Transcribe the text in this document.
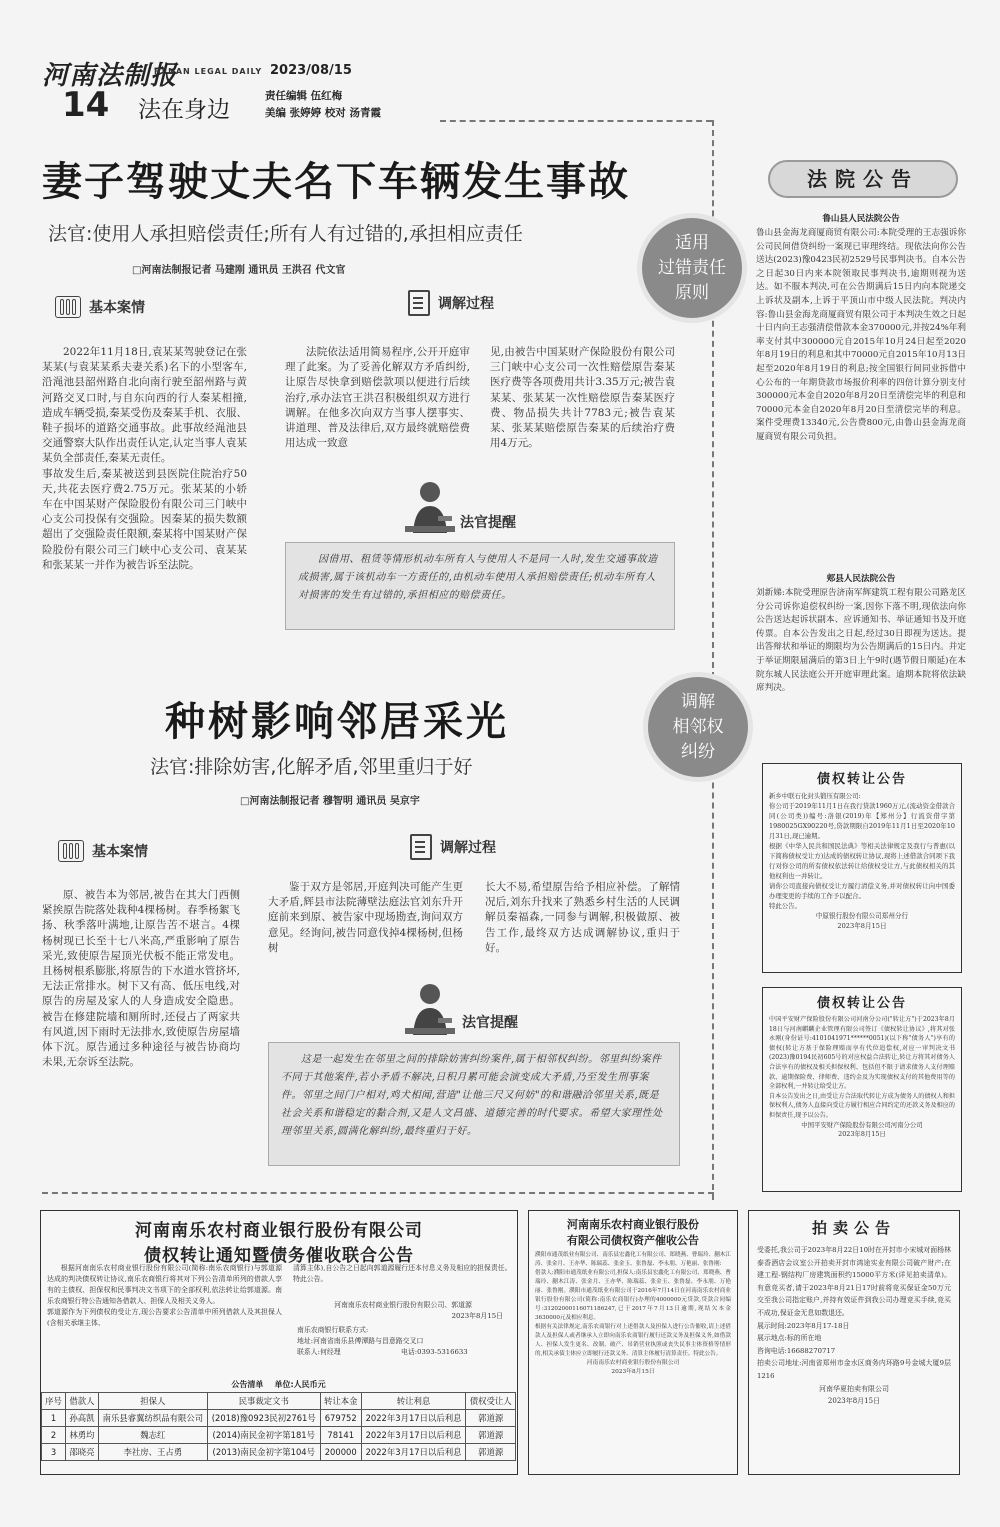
河南法制报
HENAN LEGAL DAILY 2023/08/15
14 法在身边
责任编辑 伍红梅
美编 张婷婷 校对 汤青霞
妻子驾驶丈夫名下车辆发生事故
法官:使用人承担赔偿责任;所有人有过错的,承担相应责任
□河南法制报记者 马建刚 通讯员 王洪召 代文官
适用
过错责任
原则
基本案情
2022年11月18日,袁某某驾驶登记在张某某(与袁某某系夫妻关系)名下的小型客车,沿渑池县韶州路自北向南行驶至韶州路与黄河路交叉口时,与自东向西的行人秦某相撞,造成车辆受损,秦某受伤及秦某手机、衣服、鞋子损坏的道路交通事故。此事故经渑池县交通警察大队作出责任认定,认定当事人袁某某负全部责任,秦某无责任。
事故发生后,秦某被送到县医院住院治疗50天,共花去医疗费2.75万元。张某某的小轿车在中国某财产保险股份有限公司三门峡中心支公司投保有交强险。因秦某的损失数额超出了交强险责任限额,秦某将中国某财产保险股份有限公司三门峡中心支公司、袁某某和张某某一并作为被告诉至法院。
调解过程
法院依法适用简易程序,公开开庭审理了此案。为了妥善化解双方矛盾纠纷,让原告尽快拿到赔偿款项以便进行后续治疗,承办法官王洪召积极组织双方进行调解。在他多次向双方当事人摆事实、讲道理、普及法律后,双方最终就赔偿费用达成一致意
见,由被告中国某财产保险股份有限公司三门峡中心支公司一次性赔偿原告秦某医疗费等各项费用共计3.35万元;被告袁某某、张某某一次性赔偿原告秦某医疗费、物品损失共计7783元;被告袁某某、张某某赔偿原告秦某的后续治疗费用4万元。
法官提醒
因借用、租赁等情形机动车所有人与使用人不是同一人时,发生交通事故造成损害,属于该机动车一方责任的,由机动车使用人承担赔偿责任;机动车所有人对损害的发生有过错的,承担相应的赔偿责任。
种树影响邻居采光
法官:排除妨害,化解矛盾,邻里重归于好
□河南法制报记者 穆智明 通讯员 吴京宇
调解
相邻权
纠纷
基本案情
原、被告本为邻居,被告在其大门西侧紧挨原告院落处栽种4棵杨树。春季杨絮飞扬、秋季落叶满地,让原告苦不堪言。4棵杨树现已长至十七八米高,严重影响了原告采光,致使原告屋顶光伏板不能正常发电。且杨树根系膨胀,将原告的下水道水管挤坏,无法正常排水。树下又有高、低压电线,对原告的房屋及家人的人身造成安全隐患。被告在修建院墙和厕所时,还侵占了两家共有风道,因下雨时无法排水,致使原告房屋墙体下沉。原告通过多种途径与被告协商均未果,无奈诉至法院。
调解过程
鉴于双方是邻居,开庭判决可能产生更大矛盾,辉县市法院薄壁法庭法官刘东升开庭前来到原、被告家中现场勘查,询问双方意见。经询问,被告同意伐掉4棵杨树,但杨树
长大不易,希望原告给予相应补偿。了解情况后,刘东升找来了熟悉乡村生活的人民调解员秦福森,一同参与调解,积极做原、被告工作,最终双方达成调解协议,重归于好。
法官提醒
这是一起发生在邻里之间的排除妨害纠纷案件,属于相邻权纠纷。邻里纠纷案件不同于其他案件,若小矛盾不解决,日积月累可能会演变成大矛盾,乃至发生刑事案件。邻里之间门户相对,鸡犬相闻,营造"让他三尺又何妨"的和谐融洽邻里关系,既是社会关系和谐稳定的黏合剂,又是人文昌盛、道德完善的时代要求。希望大家理性处理邻里关系,圆满化解纠纷,最终重归于好。
法院公告
鲁山县人民法院公告
鲁山县金海龙商厦商贸有限公司:本院受理的王志强诉你公司民间借贷纠纷一案现已审理终结。现依法向你公告送达(2023)豫0423民初2529号民事判决书。自本公告之日起30日内来本院领取民事判决书,逾期则视为送达。如不服本判决,可在公告期满后15日内向本院递交上诉状及副本,上诉于平顶山市中级人民法院。判决内容:鲁山县金海龙商厦商贸有限公司于本判决生效之日起十日内向王志强清偿借款本金370000元,并按24%年利率支付其中300000元自2015年10月24日起至2020年8月19日的利息和其中70000元自2015年10月13日起至2020年8月19日的利息;按全国银行间同业拆借中心公布的一年期贷款市场报价利率的四倍计算分别支付300000元本金自2020年8月20日至清偿完毕的利息和70000元本金自2020年8月20日至清偿完毕的利息。案件受理费13340元,公告费800元,由鲁山县金海龙商厦商贸有限公司负担。
郏县人民法院公告
刘新娣:本院受理原告济南军辉建筑工程有限公司路龙区分公司诉你追偿权纠纷一案,因你下落不明,现依法向你公告送达起诉状副本、应诉通知书、举证通知书及开庭传票。自本公告发出之日起,经过30日即视为送达。提出答辩状和举证的期限均为公告期满后的15日内。并定于举证期限届满后的第3日上午9时(遇节假日顺延)在本院东城人民法庭公开开庭审理此案。逾期本院将依法缺席判决。
债权转让公告
新乡中联石化封头锻压有限公司:
你公司于2019年11月1日在我行贷款1960万元,(流动资金借款合同(公司类))编号:洛银(2019)年【郑州分】行流资借字第1980025GX90220号,贷款期限自2019年11月1日至2020年10月31日,现已逾期。
根据《中华人民共和国民法典》等相关法律规定及我行与普惠(以下简称债权受让方)达成的债权转让协议,现将上述借款合同项下我行对你公司的所有债权依法转让给债权受让方,与此债权相关的其他权利也一并转让。
请你公司直接向债权受让方履行清偿义务,并对债权转让向中国委办理变更的手续的工作予以配合。
特此公告。
中原银行股份有限公司郑州分行
2023年8月15日
债权转让公告
中国平安财产保险股份有限公司河南分公司("转让方")于2023年8月18日与河南麒麟企业管理有限公司签订《债权转让协议》,将其对张永刚(身份证号:4101041971******0051)(以下称"债务人")享有的债权(转让方基于保险理赔而享有代位追偿权,对应一审判决文书(2023)豫0194民初605号的对应权益合法转让,转让方将其对债务人合法享有的债权及相关担保权利、包括但不限于请求债务人支付理赔款、逾期保险费、律师费、违约金及为实现债权支付的其他费用等的全部权利,一并转让给受让方。
自本公告发出之日,由受让方合法取代转让方成为债务人的债权人和担保权利人,债务人直接向受让方履行相应合同约定的还款义务及相应的担保责任,现予以公告。
中国平安财产保险股份有限公司河南分公司
2023年8月15日
河南南乐农村商业银行股份有限公司
债权转让通知暨债务催收联合公告
根据河南南乐农村商业银行股份有限公司(简称:南乐农商银行)与郭道源达成的判决债权转让协议,南乐农商银行将其对下列公告清单所列的借款人享有的主债权、担保权和民事判决文书项下的全部权利,依法转让给郭道源。南乐农商银行特公告通知各借款人、担保人及相关义务人。
郭道源作为下列债权的受让方,现公告要求公告清单中所列借款人及其担保人(含相关承继主体、
清算主体),自公告之日起向郭道源履行还本付息义务及相应的担保责任。
特此公告。
河南南乐农村商业银行股份有限公司、郭道源
2023年8月15日
南乐农商银行联系方式:
地址:河南省南乐县傅潭路与昌意路交叉口
联系人:何经理	电话:0393-5316633
公告清单    单位:人民币元
序号	借款人	担保人	民事裁定文书	转让本金	转让利息	债权受让人
1	孙高凯	南乐县睿翼纺织品有限公司	(2018)豫0923民初2761号	679752	2022年3月17日以后利息	郭道源
2	林勇均	魏志红	(2014)南民金初字第181号	78141	2022年3月17日以后利息	郭道源
3	邵晓亮	李社房、王占勇	(2013)南民金初字第104号	200000	2022年3月17日以后利息	郭道源
河南南乐农村商业银行股份
有限公司债权资产催收公告
濮阳市通茂纸业有限公司、南乐县宏鑫化工有限公司、郑晓燕、曹瑞玲、蒯木江涛、张金月、王亦华、陈瑞蕊、张金玉、张鲁磊、李永朋、万艳丽、张鲁刚:
借款人:濮阳市通茂纸业有限公司,担保人:南乐县宏鑫化工有限公司、郑晓燕、曹瑞玲、蒯木江涛、张金月、王亦华、陈瑞蕊、张金玉、张鲁磊、李永朋、万艳丽、张鲁刚。濮阳市通茂纸业有限公司于2016年7月14日在河南南乐农村商业银行股份有限公司(简称:南乐农商银行)办理的4000000元贷款,贷款合同编号:31202000116071186247,已于2017年7月13日逾期,现结欠本金3630000元及相应利息。
根据有关法律规定,南乐农商银行对上述借款人及担保人进行公告催收,请上述借款人及担保人或者继承人立即向南乐农商银行履行还款义务及担保义务,如借款人、担保人发生更名、改制、破产、吊销营业执照或丧失民事主体资格等情形的,相关承债主体应立即履行还款义务、清算主体履行清算责任。特此公告。
河南南乐农村商业银行股份有限公司
2023年8月15日
拍卖公告
受委托,我公司于2023年8月22日10时在开封市小宋城对面杨林泰香酒店会议室公开拍卖开封市鸿途实业有限公司破产财产;在建工程-钢结构厂房建筑面积约15000平方米(详见拍卖清单)。有意竞买者,请于2023年8月21日17时前将竞买保证金50万元交至我公司指定账户,并持有效证件到我公司办理竞买手续,竞买不成功,保证金无息如数退还。
展示时间:2023年8月17-18日
展示地点:标的所在地
咨询电话:16688270717
拍卖公司地址:河南省郑州市金水区商务内环路9号金城大厦9层1216
河南华夏拍卖有限公司
2023年8月15日
